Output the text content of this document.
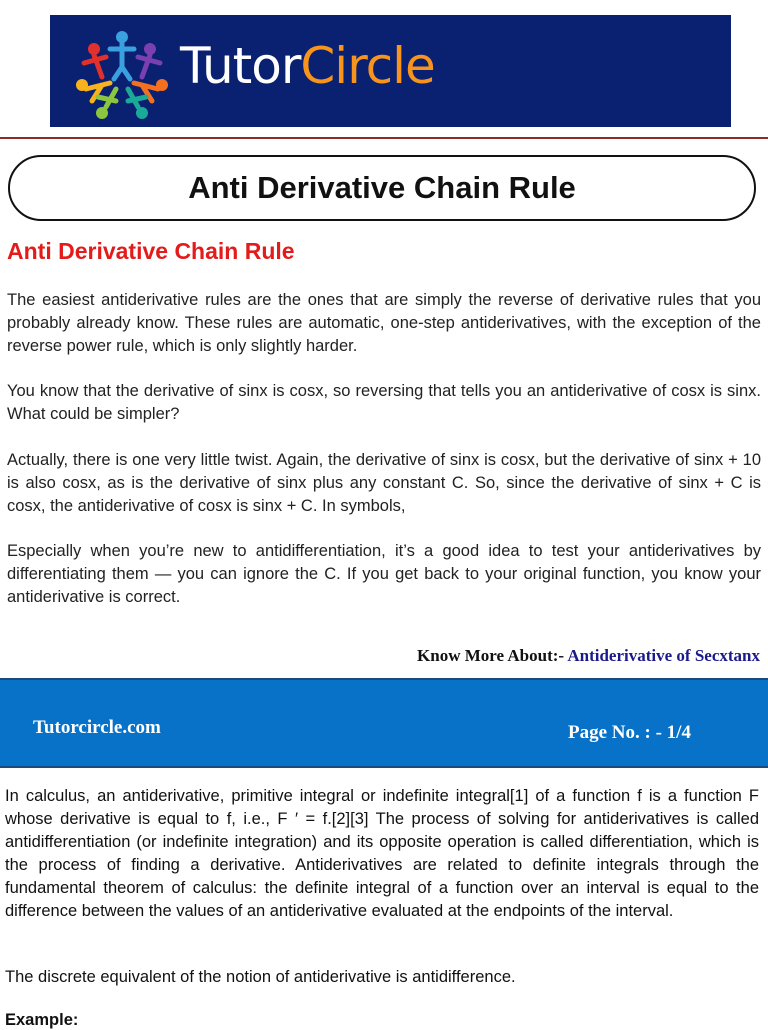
TutorCircle
Anti Derivative Chain Rule
Anti Derivative Chain Rule

The easiest antiderivative rules are the ones that are simply the reverse of derivative rules that you probably already know. These rules are automatic, one-step antiderivatives, with the exception of the reverse power rule, which is only slightly harder.

You know that the derivative of sinx is cosx, so reversing that tells you an antiderivative of cosx is sinx. What could be simpler?

Actually, there is one very little twist. Again, the derivative of sinx is cosx, but the derivative of sinx + 10 is also cosx, as is the derivative of sinx plus any constant C. So, since the derivative of sinx + C is cosx, the antiderivative of cosx is sinx + C. In symbols,

Especially when you’re new to antidifferentiation, it’s a good idea to test your antiderivatives by differentiating them — you can ignore the C. If you get back to your original function, you know your antiderivative is correct.

Know More About:- Antiderivative of Secxtanx
Tutorcircle.com	Page No. : - 1/4

In calculus, an antiderivative, primitive integral or indefinite integral[1] of a function f is a function F whose derivative is equal to f, i.e., F ′ = f.[2][3] The process of solving for antiderivatives is called antidifferentiation (or indefinite integration) and its opposite operation is called differentiation, which is the process of finding a derivative. Antiderivatives are related to definite integrals through the fundamental theorem of calculus: the definite integral of a function over an interval is equal to the difference between the values of an antiderivative evaluated at the endpoints of the interval.

The discrete equivalent of the notion of antiderivative is antidifference.

Example:
